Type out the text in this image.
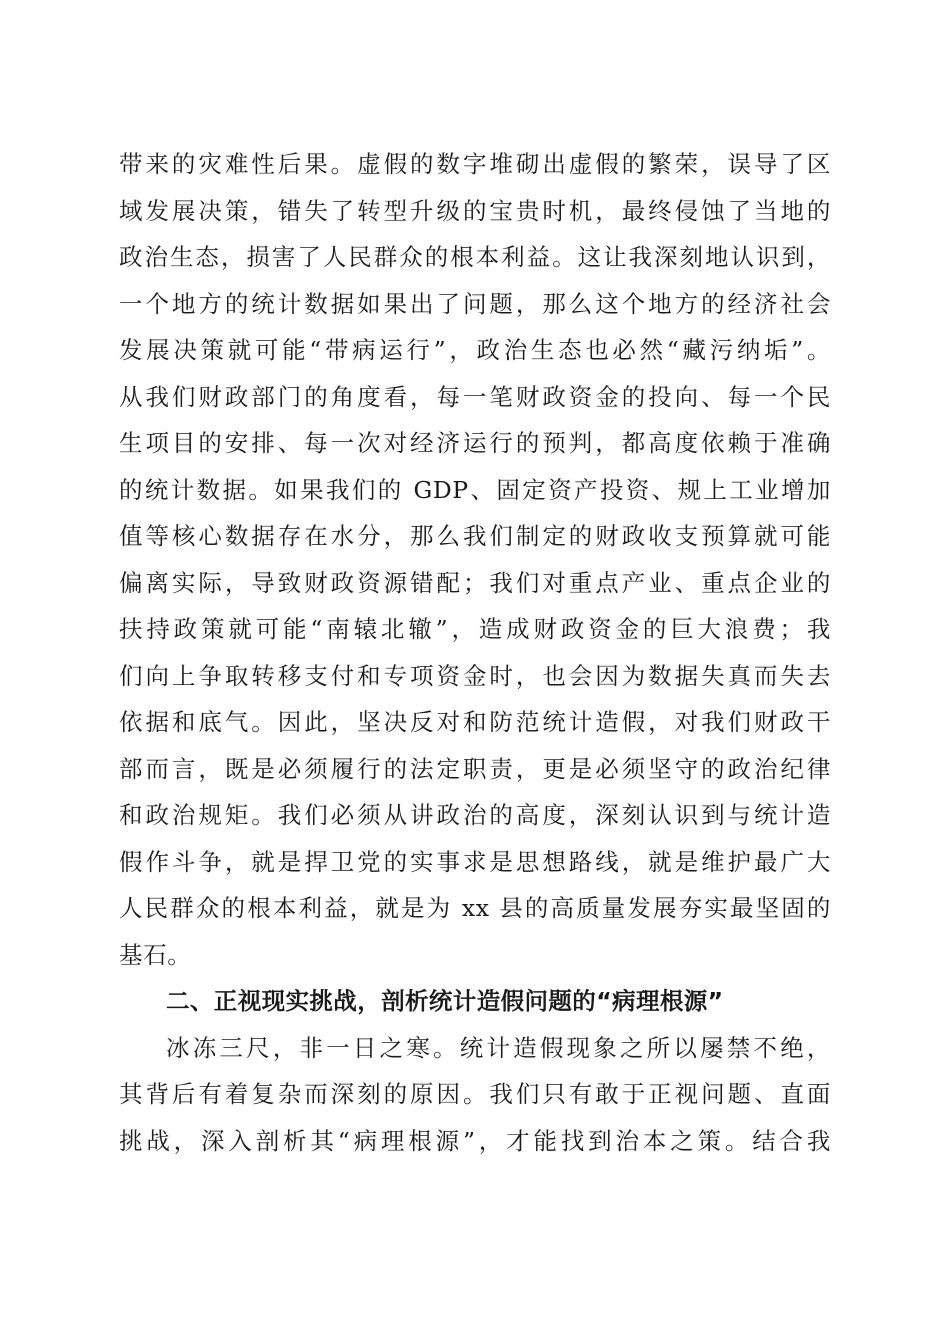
带来的灾难性后果。虚假的数字堆砌出虚假的繁荣，误导了区
域发展决策，错失了转型升级的宝贵时机，最终侵蚀了当地的
政治生态，损害了人民群众的根本利益。这让我深刻地认识到，
一个地方的统计数据如果出了问题，那么这个地方的经济社会
发展决策就可能“带病运行”，政治生态也必然“藏污纳垢”。
从我们财政部门的角度看，每一笔财政资金的投向、每一个民
生项目的安排、每一次对经济运行的预判，都高度依赖于准确
的统计数据。如果我们的 GDP、固定资产投资、规上工业增加
值等核心数据存在水分，那么我们制定的财政收支预算就可能
偏离实际，导致财政资源错配；我们对重点产业、重点企业的
扶持政策就可能“南辕北辙”，造成财政资金的巨大浪费；我
们向上争取转移支付和专项资金时，也会因为数据失真而失去
依据和底气。因此，坚决反对和防范统计造假，对我们财政干
部而言，既是必须履行的法定职责，更是必须坚守的政治纪律
和政治规矩。我们必须从讲政治的高度，深刻认识到与统计造
假作斗争，就是捍卫党的实事求是思想路线，就是维护最广大
人民群众的根本利益，就是为 xx 县的高质量发展夯实最坚固的
基石。
二、正视现实挑战，剖析统计造假问题的“病理根源”
冰冻三尺，非一日之寒。统计造假现象之所以屡禁不绝，
其背后有着复杂而深刻的原因。我们只有敢于正视问题、直面
挑战，深入剖析其“病理根源”，才能找到治本之策。结合我
